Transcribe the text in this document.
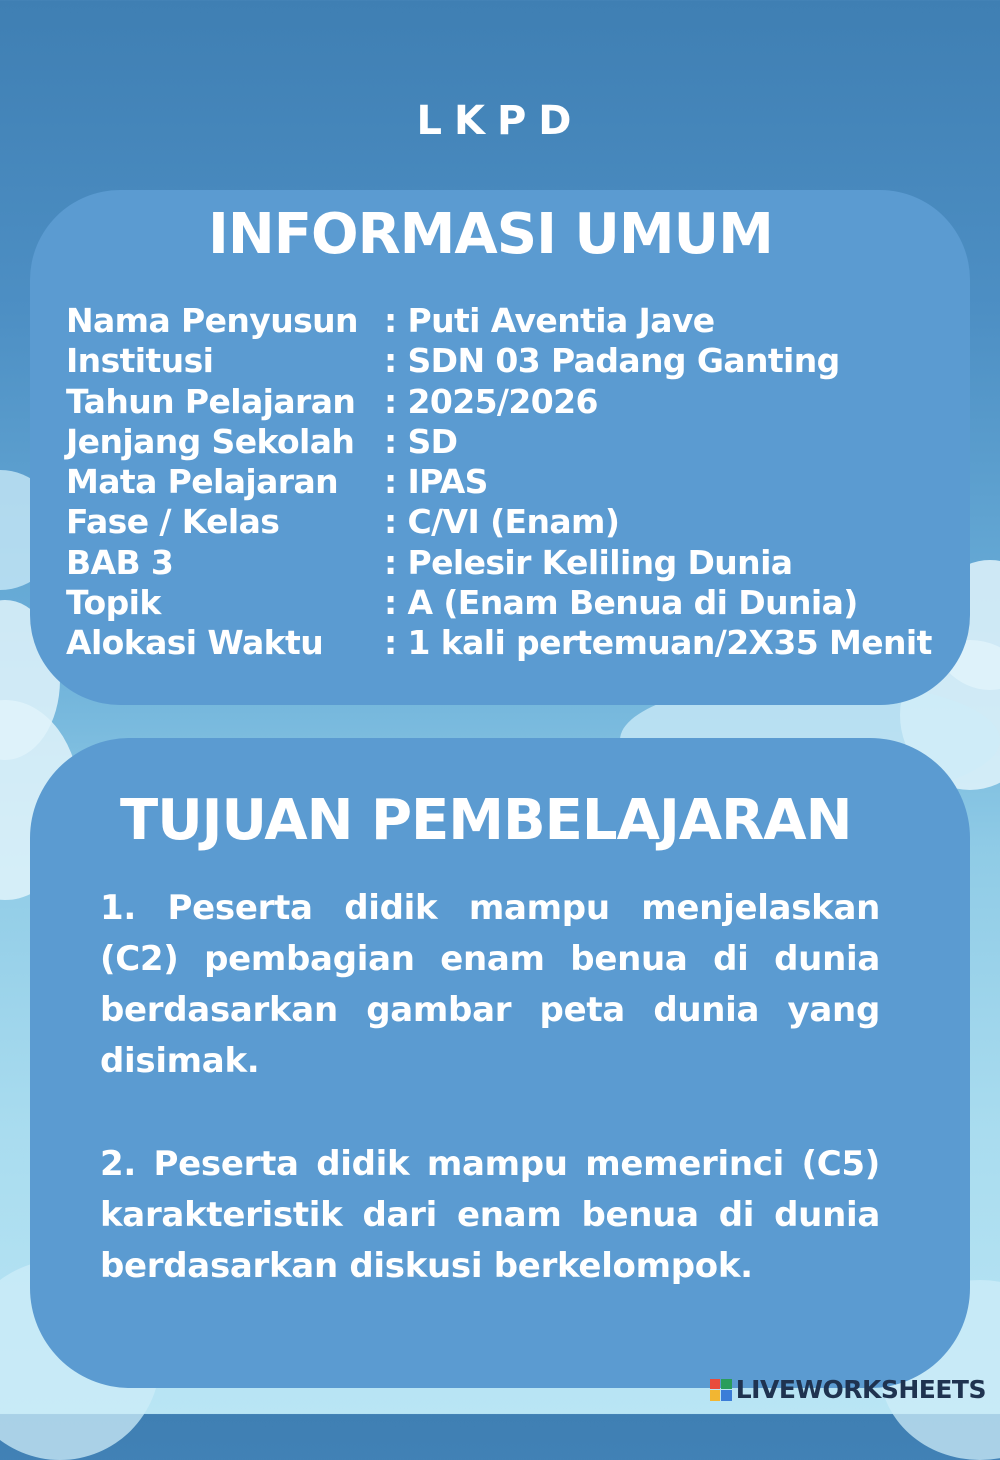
LKPD
INFORMASI UMUM
Nama Penyusun : Puti Aventia Jave
Institusi	: SDN 03 Padang Ganting
Tahun Pelajaran : 2025/2026
Jenjang Sekolah : SD
Mata Pelajaran	: IPAS
Fase / Kelas	: C/VI (Enam)
BAB 3	: Pelesir Keliling Dunia
Topik	: A (Enam Benua di Dunia)
Alokasi Waktu	: 1 kali pertemuan/2X35 Menit
TUJUAN PEMBELAJARAN

1. Peserta didik mampu menjelaskan (C2) pembagian enam benua di dunia berdasarkan gambar peta dunia yang disimak.

2. Peserta didik mampu memerinci (C5) karakteristik dari enam benua di dunia berdasarkan diskusi berkelompok.

LIVEWORKSHEETS
